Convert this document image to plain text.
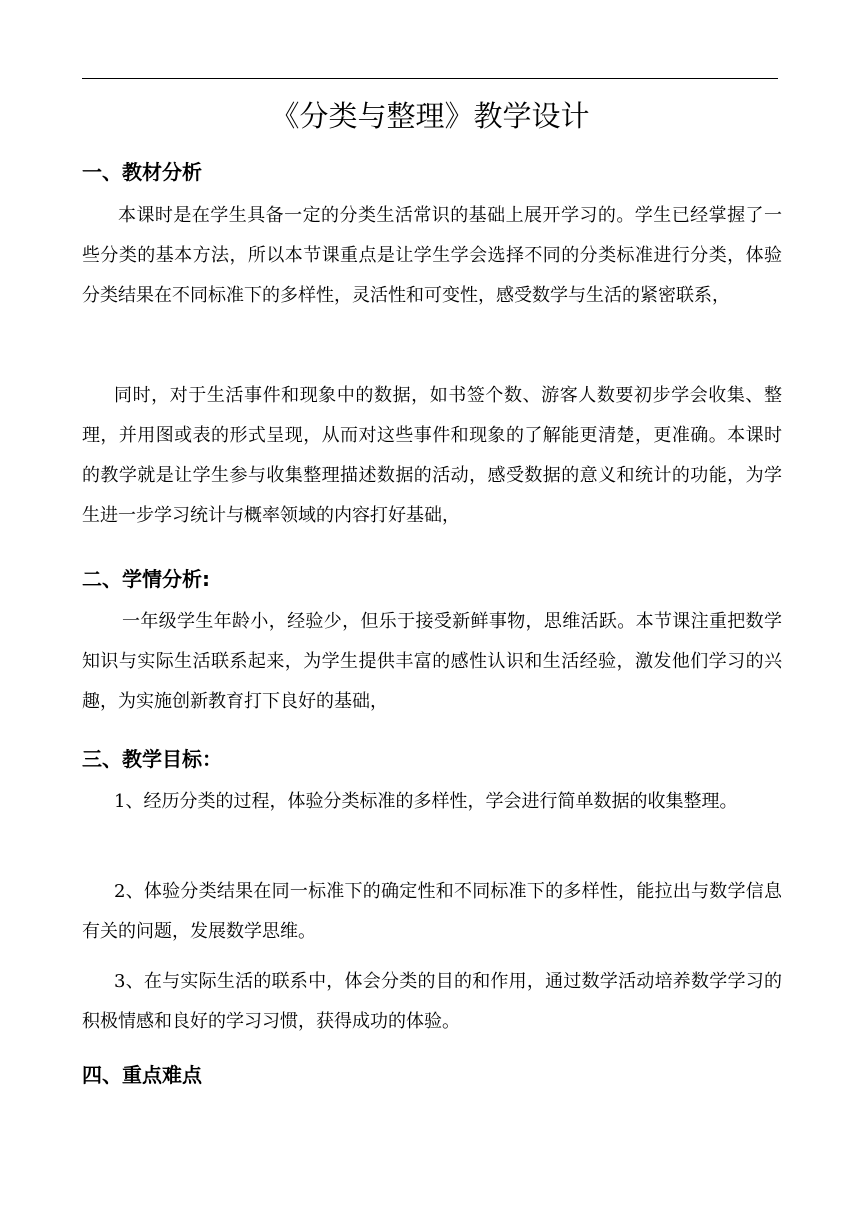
《分类与整理》教学设计
一、教材分析

本课时是在学生具备一定的分类生活常识的基础上展开学习的。学生已经掌握了一些分类的基本方法，所以本节课重点是让学生学会选择不同的分类标准进行分类，体验分类结果在不同标准下的多样性，灵活性和可变性，感受数学与生活的紧密联系，

同时，对于生活事件和现象中的数据，如书签个数、游客人数要初步学会收集、整理，并用图或表的形式呈现，从而对这些事件和现象的了解能更清楚，更准确。本课时的教学就是让学生参与收集整理描述数据的活动，感受数据的意义和统计的功能，为学生进一步学习统计与概率领域的内容打好基础，

二、学情分析:

一年级学生年龄小，经验少，但乐于接受新鲜事物，思维活跃。本节课注重把数学知识与实际生活联系起来，为学生提供丰富的感性认识和生活经验，激发他们学习的兴趣，为实施创新教育打下良好的基础，

三、教学目标：

1、经历分类的过程，体验分类标准的多样性，学会进行简单数据的收集整理。

2、体验分类结果在同一标准下的确定性和不同标准下的多样性，能拉出与数学信息有关的问题，发展数学思维。

3、在与实际生活的联系中，体会分类的目的和作用，通过数学活动培养数学学习的积极情感和良好的学习习惯，获得成功的体验。

四、重点难点
